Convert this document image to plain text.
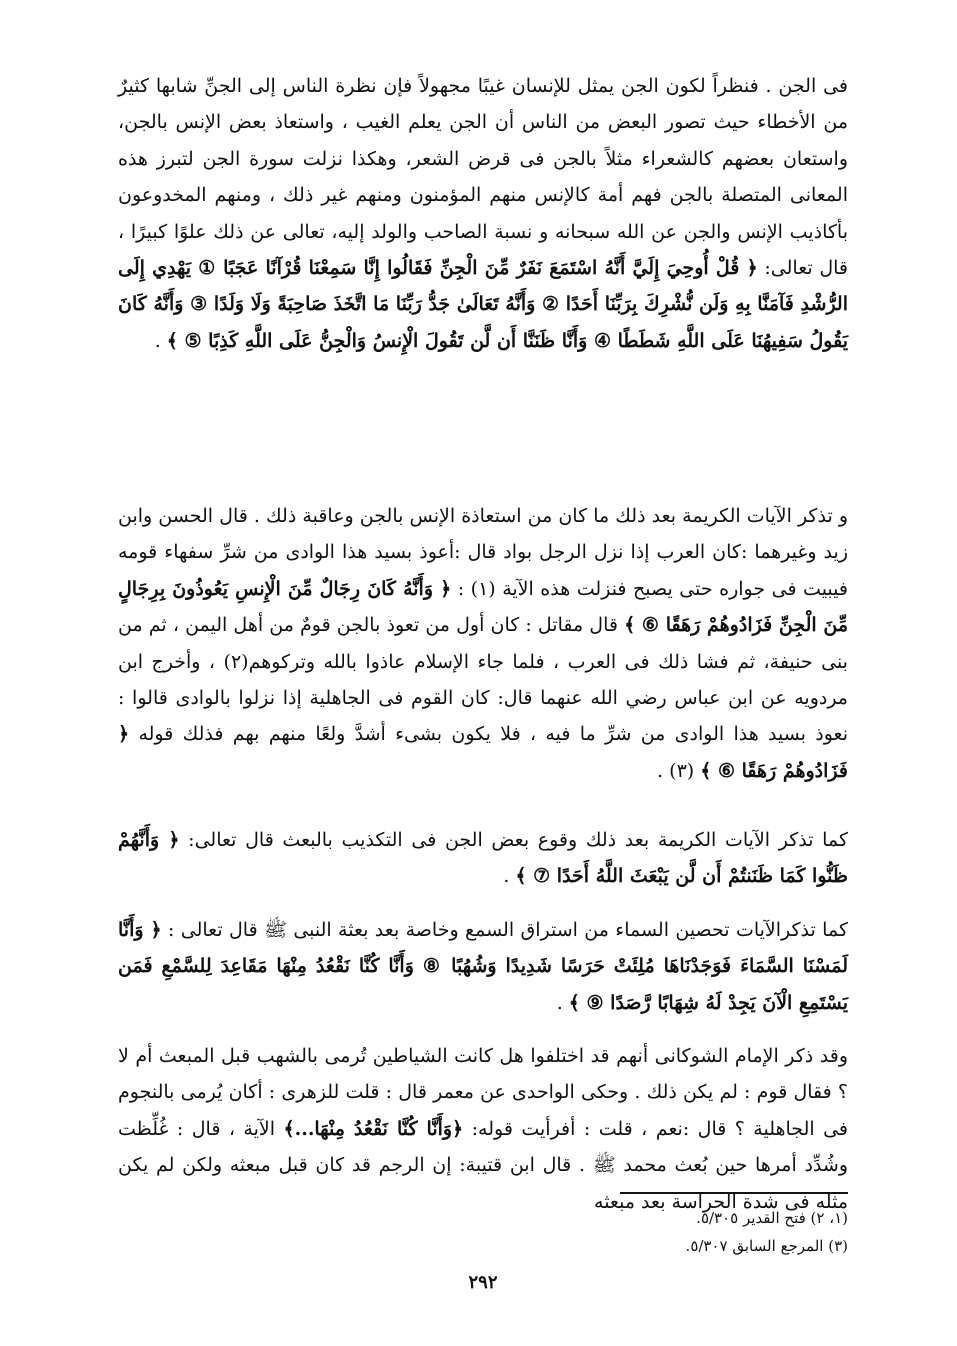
فى الجن . فنظراً لكون الجن يمثل للإنسان غيبًا مجهولاً فإن نظرة الناس إلى الجنِّ شابها كثيرٌ من الأخطاء حيث تصور البعض من الناس أن الجن يعلم الغيب ، واستعاذ بعض الإنس بالجن، واستعان بعضهم كالشعراء مثلاً بالجن فى قرض الشعر، وهكذا نزلت سورة الجن لتبرز هذه المعانى المتصلة بالجن فهم أمة كالإنس منهم المؤمنون ومنهم غير ذلك ، ومنهم المخدوعون بأكاذيب الإنس والجن عن الله سبحانه و نسبة الصاحب والولد إليه، تعالى عن ذلك علوًا كبيرًا ، قال تعالى: ﴿ قُلْ أُوحِيَ إِلَيَّ أَنَّهُ اسْتَمَعَ نَفَرٌ مِّنَ الْجِنِّ فَقَالُوا إِنَّا سَمِعْنَا قُرْآنًا عَجَبًا ① يَهْدِي إِلَى الرُّشْدِ فَآمَنَّا بِهِ وَلَن نُّشْرِكَ بِرَبِّنَا أَحَدًا ② وَأَنَّهُ تَعَالَىٰ جَدُّ رَبِّنَا مَا اتَّخَذَ صَاحِبَةً وَلَا وَلَدًا ③ وَأَنَّهُ كَانَ يَقُولُ سَفِيهُنَا عَلَى اللَّهِ شَطَطًا ④ وَأَنَّا ظَنَنَّا أَن لَّن تَقُولَ الْإِنسُ وَالْجِنُّ عَلَى اللَّهِ كَذِبًا ⑤ ﴾ .

و تذكر الآيات الكريمة بعد ذلك ما كان من استعاذة الإنس بالجن وعاقبة ذلك . قال الحسن وابن زيد وغيرهما :كان العرب إذا نزل الرجل بواد قال :أعوذ بسيد هذا الوادى من شرِّ سفهاء قومه فيبيت فى جواره حتى يصبح فنزلت هذه الآية (١) : ﴿ وَأَنَّهُ كَانَ رِجَالٌ مِّنَ الْإِنسِ يَعُوذُونَ بِرِجَالٍ مِّنَ الْجِنِّ فَزَادُوهُمْ رَهَقًا ⑥ ﴾ قال مقاتل : كان أول من تعوذ بالجن قومٌ من أهل اليمن ، ثم من بنى حنيفة، ثم فشا ذلك فى العرب ، فلما جاء الإسلام عاذوا بالله وتركوهم(٢) ، وأخرج ابن مردويه عن ابن عباس رضي الله عنهما قال: كان القوم فى الجاهلية إذا نزلوا بالوادى قالوا : نعوذ بسيد هذا الوادى من شرِّ ما فيه ، فلا يكون بشىء أشدَّ ولعًا منهم بهم فذلك قوله ﴿ فَزَادُوهُمْ رَهَقًا ⑥ ﴾ (٣) .

كما تذكر الآيات الكريمة بعد ذلك وقوع بعض الجن فى التكذيب بالبعث قال تعالى: ﴿ وَأَنَّهُمْ ظَنُّوا كَمَا ظَنَنتُمْ أَن لَّن يَبْعَثَ اللَّهُ أَحَدًا ⑦ ﴾ .

كما تذكرالآيات تحصين السماء من استراق السمع وخاصة بعد بعثة النبى ﷺ قال تعالى : ﴿ وَأَنَّا لَمَسْنَا السَّمَاءَ فَوَجَدْنَاهَا مُلِئَتْ حَرَسًا شَدِيدًا وَشُهُبًا ⑧ وَأَنَّا كُنَّا نَقْعُدُ مِنْهَا مَقَاعِدَ لِلسَّمْعِ فَمَن يَسْتَمِعِ الْآنَ يَجِدْ لَهُ شِهَابًا رَّصَدًا ⑨ ﴾ .

وقد ذكر الإمام الشوكانى أنهم قد اختلفوا هل كانت الشياطين تُرمى بالشهب قبل المبعث أم لا ؟ فقال قوم : لم يكن ذلك . وحكى الواحدى عن معمر قال : قلت للزهرى : أكان يُرمى بالنجوم فى الجاهلية ؟ قال :نعم ، قلت : أفرأيت قوله: ﴿وَأَنَّا كُنَّا نَقْعُدُ مِنْهَا...﴾ الآية ، قال : غُلِّظت وشُدِّد أمرها حين بُعث محمد ﷺ . قال ابن قتيبة: إن الرجم قد كان قبل مبعثه ولكن لم يكن مثله فى شدة الحراسة بعد مبعثه

(١، ٢) فتح القدير ٥/٣٠٥.

(٣) المرجع السابق ٥/٣٠٧.

٢٩٢
